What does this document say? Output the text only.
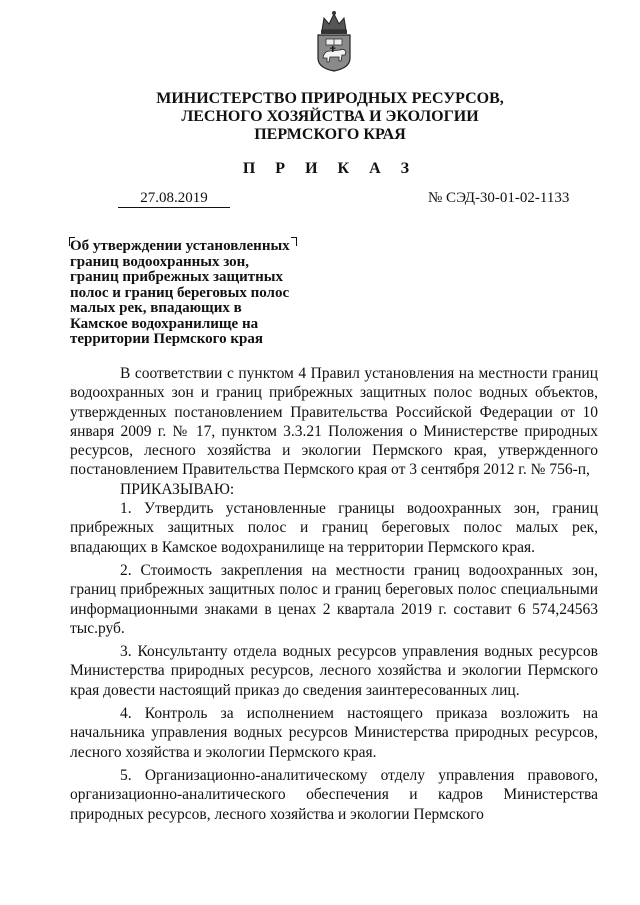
МИНИСТЕРСТВО ПРИРОДНЫХ РЕСУРСОВ,
ЛЕСНОГО ХОЗЯЙСТВА И ЭКОЛОГИИ
ПЕРМСКОГО КРАЯ
П Р И К А З
27.08.2019	№ СЭД-30-01-02-1133
Об утверждении установленных
границ водоохранных зон,
границ прибрежных защитных
полос и границ береговых полос
малых рек, впадающих в
Камское водохранилище на
территории Пермского края
В соответствии с пунктом 4 Правил установления на местности границ водоохранных зон и границ прибрежных защитных полос водных объектов, утвержденных постановлением Правительства Российской Федерации от 10 января 2009 г. № 17, пунктом 3.3.21 Положения о Министерстве природных ресурсов, лесного хозяйства и экологии Пермского края, утвержденного постановлением Правительства Пермского края от 3 сентября 2012 г. № 756-п,
ПРИКАЗЫВАЮ:
1. Утвердить установленные границы водоохранных зон, границ прибрежных защитных полос и границ береговых полос малых рек, впадающих в Камское водохранилище на территории Пермского края.
2. Стоимость закрепления на местности границ водоохранных зон, границ прибрежных защитных полос и границ береговых полос специальными информационными знаками в ценах 2 квартала 2019 г. составит 6 574,24563 тыс.руб.
3. Консультанту отдела водных ресурсов управления водных ресурсов Министерства природных ресурсов, лесного хозяйства и экологии Пермского края довести настоящий приказ до сведения заинтересованных лиц.
4. Контроль за исполнением настоящего приказа возложить на начальника управления водных ресурсов Министерства природных ресурсов, лесного хозяйства и экологии Пермского края.
5. Организационно-аналитическому отделу управления правового, организационно-аналитического обеспечения и кадров Министерства природных ресурсов, лесного хозяйства и экологии Пермского
